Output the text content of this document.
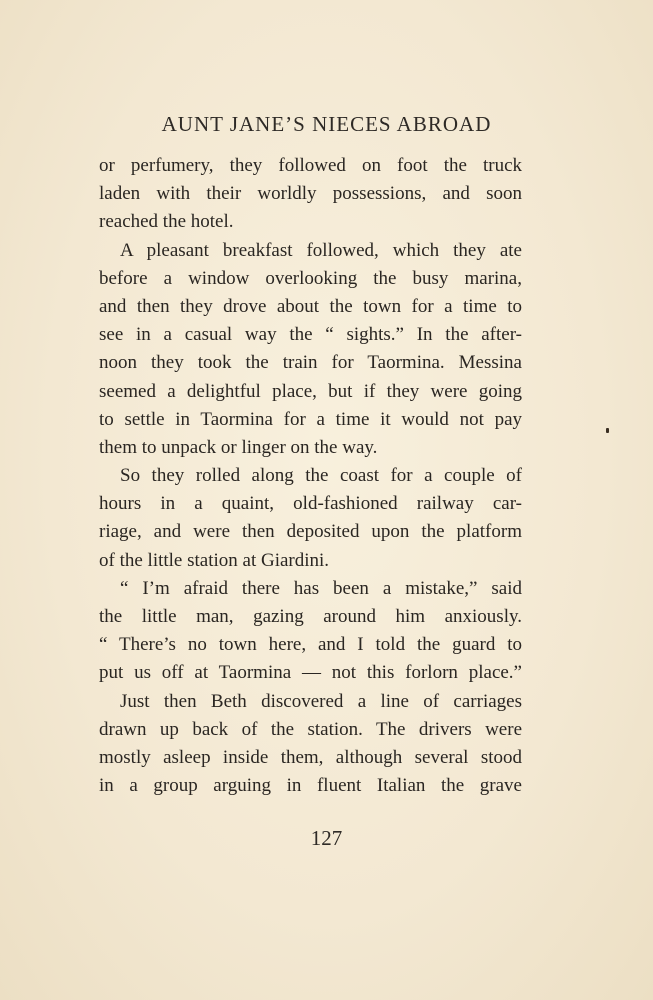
AUNT JANE’S NIECES ABROAD
or perfumery, they followed on foot the truck
laden with their worldly possessions, and soon
reached the hotel.
A pleasant breakfast followed, which they ate
before a window overlooking the busy marina,
and then they drove about the town for a time to
see in a casual way the “ sights.” In the after-
noon they took the train for Taormina. Messina
seemed a delightful place, but if they were going
to settle in Taormina for a time it would not pay
them to unpack or linger on the way.
So they rolled along the coast for a couple of
hours in a quaint, old-fashioned railway car-
riage, and were then deposited upon the platform
of the little station at Giardini.
“ I’m afraid there has been a mistake,” said
the little man, gazing around him anxiously.
“ There’s no town here, and I told the guard to
put us off at Taormina — not this forlorn place.”
Just then Beth discovered a line of carriages
drawn up back of the station. The drivers were
mostly asleep inside them, although several stood
in a group arguing in fluent Italian the grave
127
